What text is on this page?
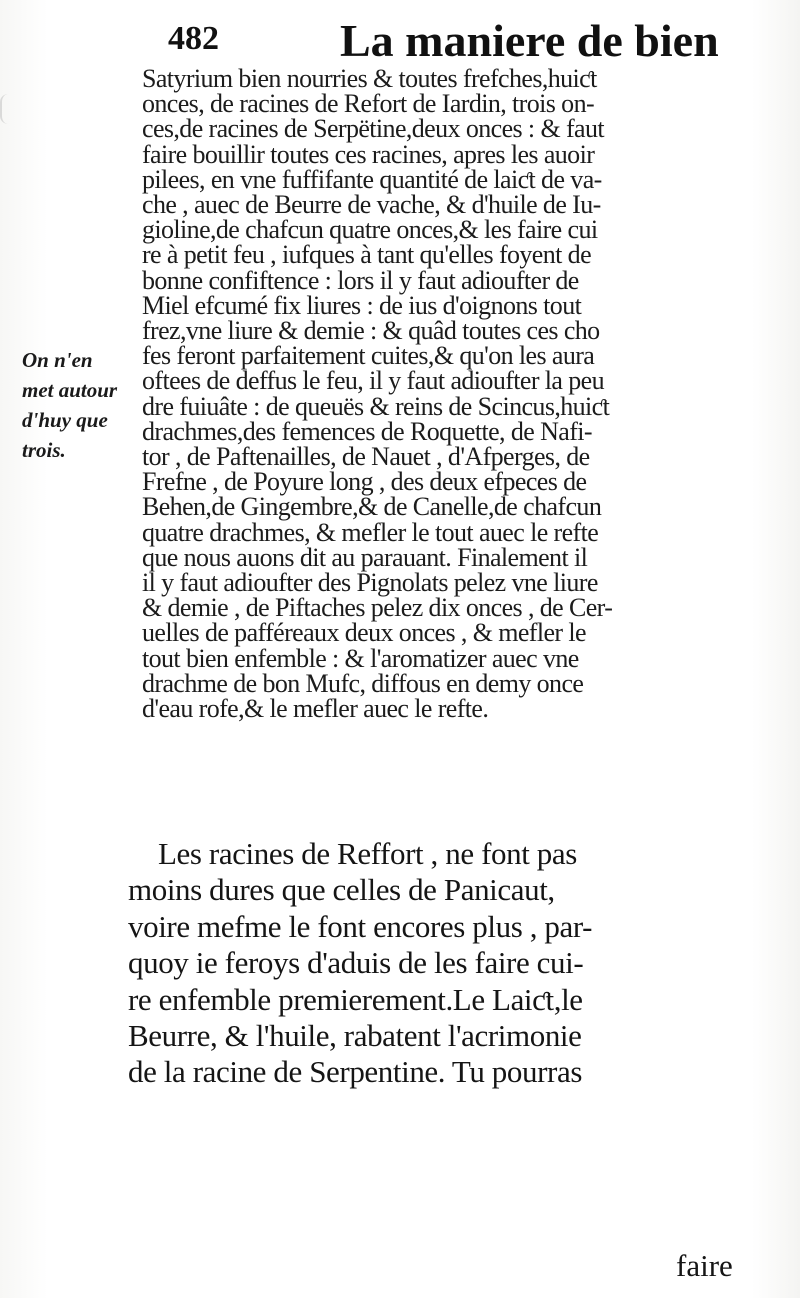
482	La maniere de bien
On n'en
met autour
d'huy que
trois.
Satyrium bien nourries & toutes frefches,huiƈt
onces, de racines de Refort de Iardin, trois on-
ces,de racines de Serpëtine,deux onces : & faut
faire bouillir toutes ces racines, apres les auoir
pilees, en vne fuffifante quantité de laiƈt de va-
che , auec de Beurre de vache, & d'huile de Iu-
gioline,de chafcun quatre onces,& les faire cui
re à petit feu , iufques à tant qu'elles foyent de
bonne confiftence : lors il y faut adioufter de
Miel efcumé fix liures : de ius d'oignons tout
frez,vne liure & demie : & quâd toutes ces cho
fes feront parfaitement cuites,& qu'on les aura
oftees de deffus le feu, il y faut adioufter la peu
dre fuiuâte : de queuës & reins de Scincus,huiƈt
drachmes,des femences de Roquette, de Nafi-
tor , de Paftenailles, de Nauet , d'Afperges, de
Frefne , de Poyure long , des deux efpeces de
Behen,de Gingembre,& de Canelle,de chafcun
quatre drachmes, & mefler le tout auec le refte
que nous auons dit au parauant. Finalement il
il y faut adioufter des Pignolats pelez vne liure
& demie , de Piftaches pelez dix onces , de Cer-
uelles de pafféreaux deux onces , & mefler le
tout bien enfemble : & l'aromatizer auec vne
drachme de bon Mufc, diffous en demy once
d'eau rofe,& le mefler auec le refte.
Les racines de Reffort , ne font pas
moins dures que celles de Panicaut,
voire mefme le font encores plus , par-
quoy ie feroys d'aduis de les faire cui-
re enfemble premierement.Le Laiƈt,le
Beurre, & l'huile, rabatent l'acrimonie
de la racine de Serpentine. Tu pourras
faire
